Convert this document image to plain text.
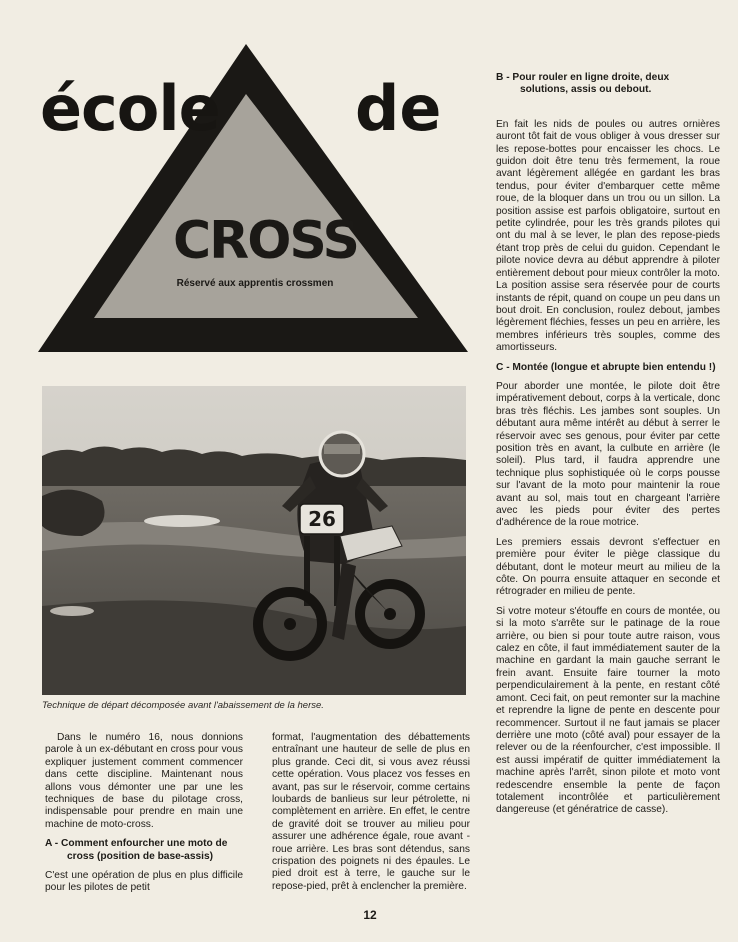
école de
CROSS
Réservé aux apprentis crossmen
26
Technique de départ décomposée avant l'abaissement de la herse.

Dans le numéro 16, nous donnions parole à un ex-débutant en cross pour vous expliquer justement comment commencer dans cette discipline. Maintenant nous allons vous démonter une par une les techniques de base du pilotage cross, indispensable pour prendre en main une machine de moto-cross.

A - Comment enfourcher une moto de cross (position de base-assis)

C'est une opération de plus en plus difficile pour les pilotes de petit

format, l'augmentation des débattements entraînant une hauteur de selle de plus en plus grande. Ceci dit, si vous avez réussi cette opération. Vous placez vos fesses en avant, pas sur le réservoir, comme certains loubards de banlieus sur leur pétrolette, ni complètement en arrière. En effet, le centre de gravité doit se trouver au milieu pour assurer une adhérence égale, roue avant - roue arrière. Les bras sont détendus, sans crispation des poignets ni des épaules. Le pied droit est à terre, le gauche sur le repose-pied, prêt à enclencher la première.

B - Pour rouler en ligne droite, deux solutions, assis ou debout.

En fait les nids de poules ou autres ornières auront tôt fait de vous obliger à vous dresser sur les repose-bottes pour encaisser les chocs. Le guidon doit être tenu très fermement, la roue avant légèrement allégée en gardant les bras tendus, pour éviter d'embarquer cette même roue, de la bloquer dans un trou ou un sillon. La position assise est parfois obligatoire, surtout en petite cylindrée, pour les très grands pilotes qui ont du mal à se lever, le plan des repose-pieds étant trop près de celui du guidon. Cependant le pilote novice devra au début apprendre à piloter entièrement debout pour mieux contrôler la moto. La position assise sera réservée pour de courts instants de répit, quand on coupe un peu dans un bout droit. En conclusion, roulez debout, jambes légèrement fléchies, fesses un peu en arrière, les membres inférieurs très souples, comme des amortisseurs.

C - Montée (longue et abrupte bien entendu !)

Pour aborder une montée, le pilote doit être impérativement debout, corps à la verticale, donc bras très fléchis. Les jambes sont souples. Un débutant aura même intérêt au début à serrer le réservoir avec ses genous, pour éviter par cette position très en avant, la culbute en arrière (le soleil). Plus tard, il faudra apprendre une technique plus sophistiquée où le corps pousse sur l'avant de la moto pour maintenir la roue avant au sol, mais tout en chargeant l'arrière avec les pieds pour éviter des pertes d'adhérence de la roue motrice.

Les premiers essais devront s'effectuer en première pour éviter le piège classique du débutant, dont le moteur meurt au milieu de la côte. On pourra ensuite attaquer en seconde et rétrograder en milieu de pente.

Si votre moteur s'étouffe en cours de montée, ou si la moto s'arrête sur le patinage de la roue arrière, ou bien si pour toute autre raison, vous calez en côte, il faut immédiatement sauter de la machine en gardant la main gauche serrant le frein avant. Ensuite faire tourner la moto perpendiculairement à la pente, en restant côté amont. Ceci fait, on peut remonter sur la machine et reprendre la ligne de pente en descente pour recommencer. Surtout il ne faut jamais se placer derrière une moto (côté aval) pour essayer de la relever ou de la réenfourcher, c'est impossible. Il est aussi impératif de quitter immédiatement la machine après l'arrêt, sinon pilote et moto vont redescendre ensemble la pente de façon totalement incontrôlée et particulièrement dangereuse (et génératrice de casse).

12
